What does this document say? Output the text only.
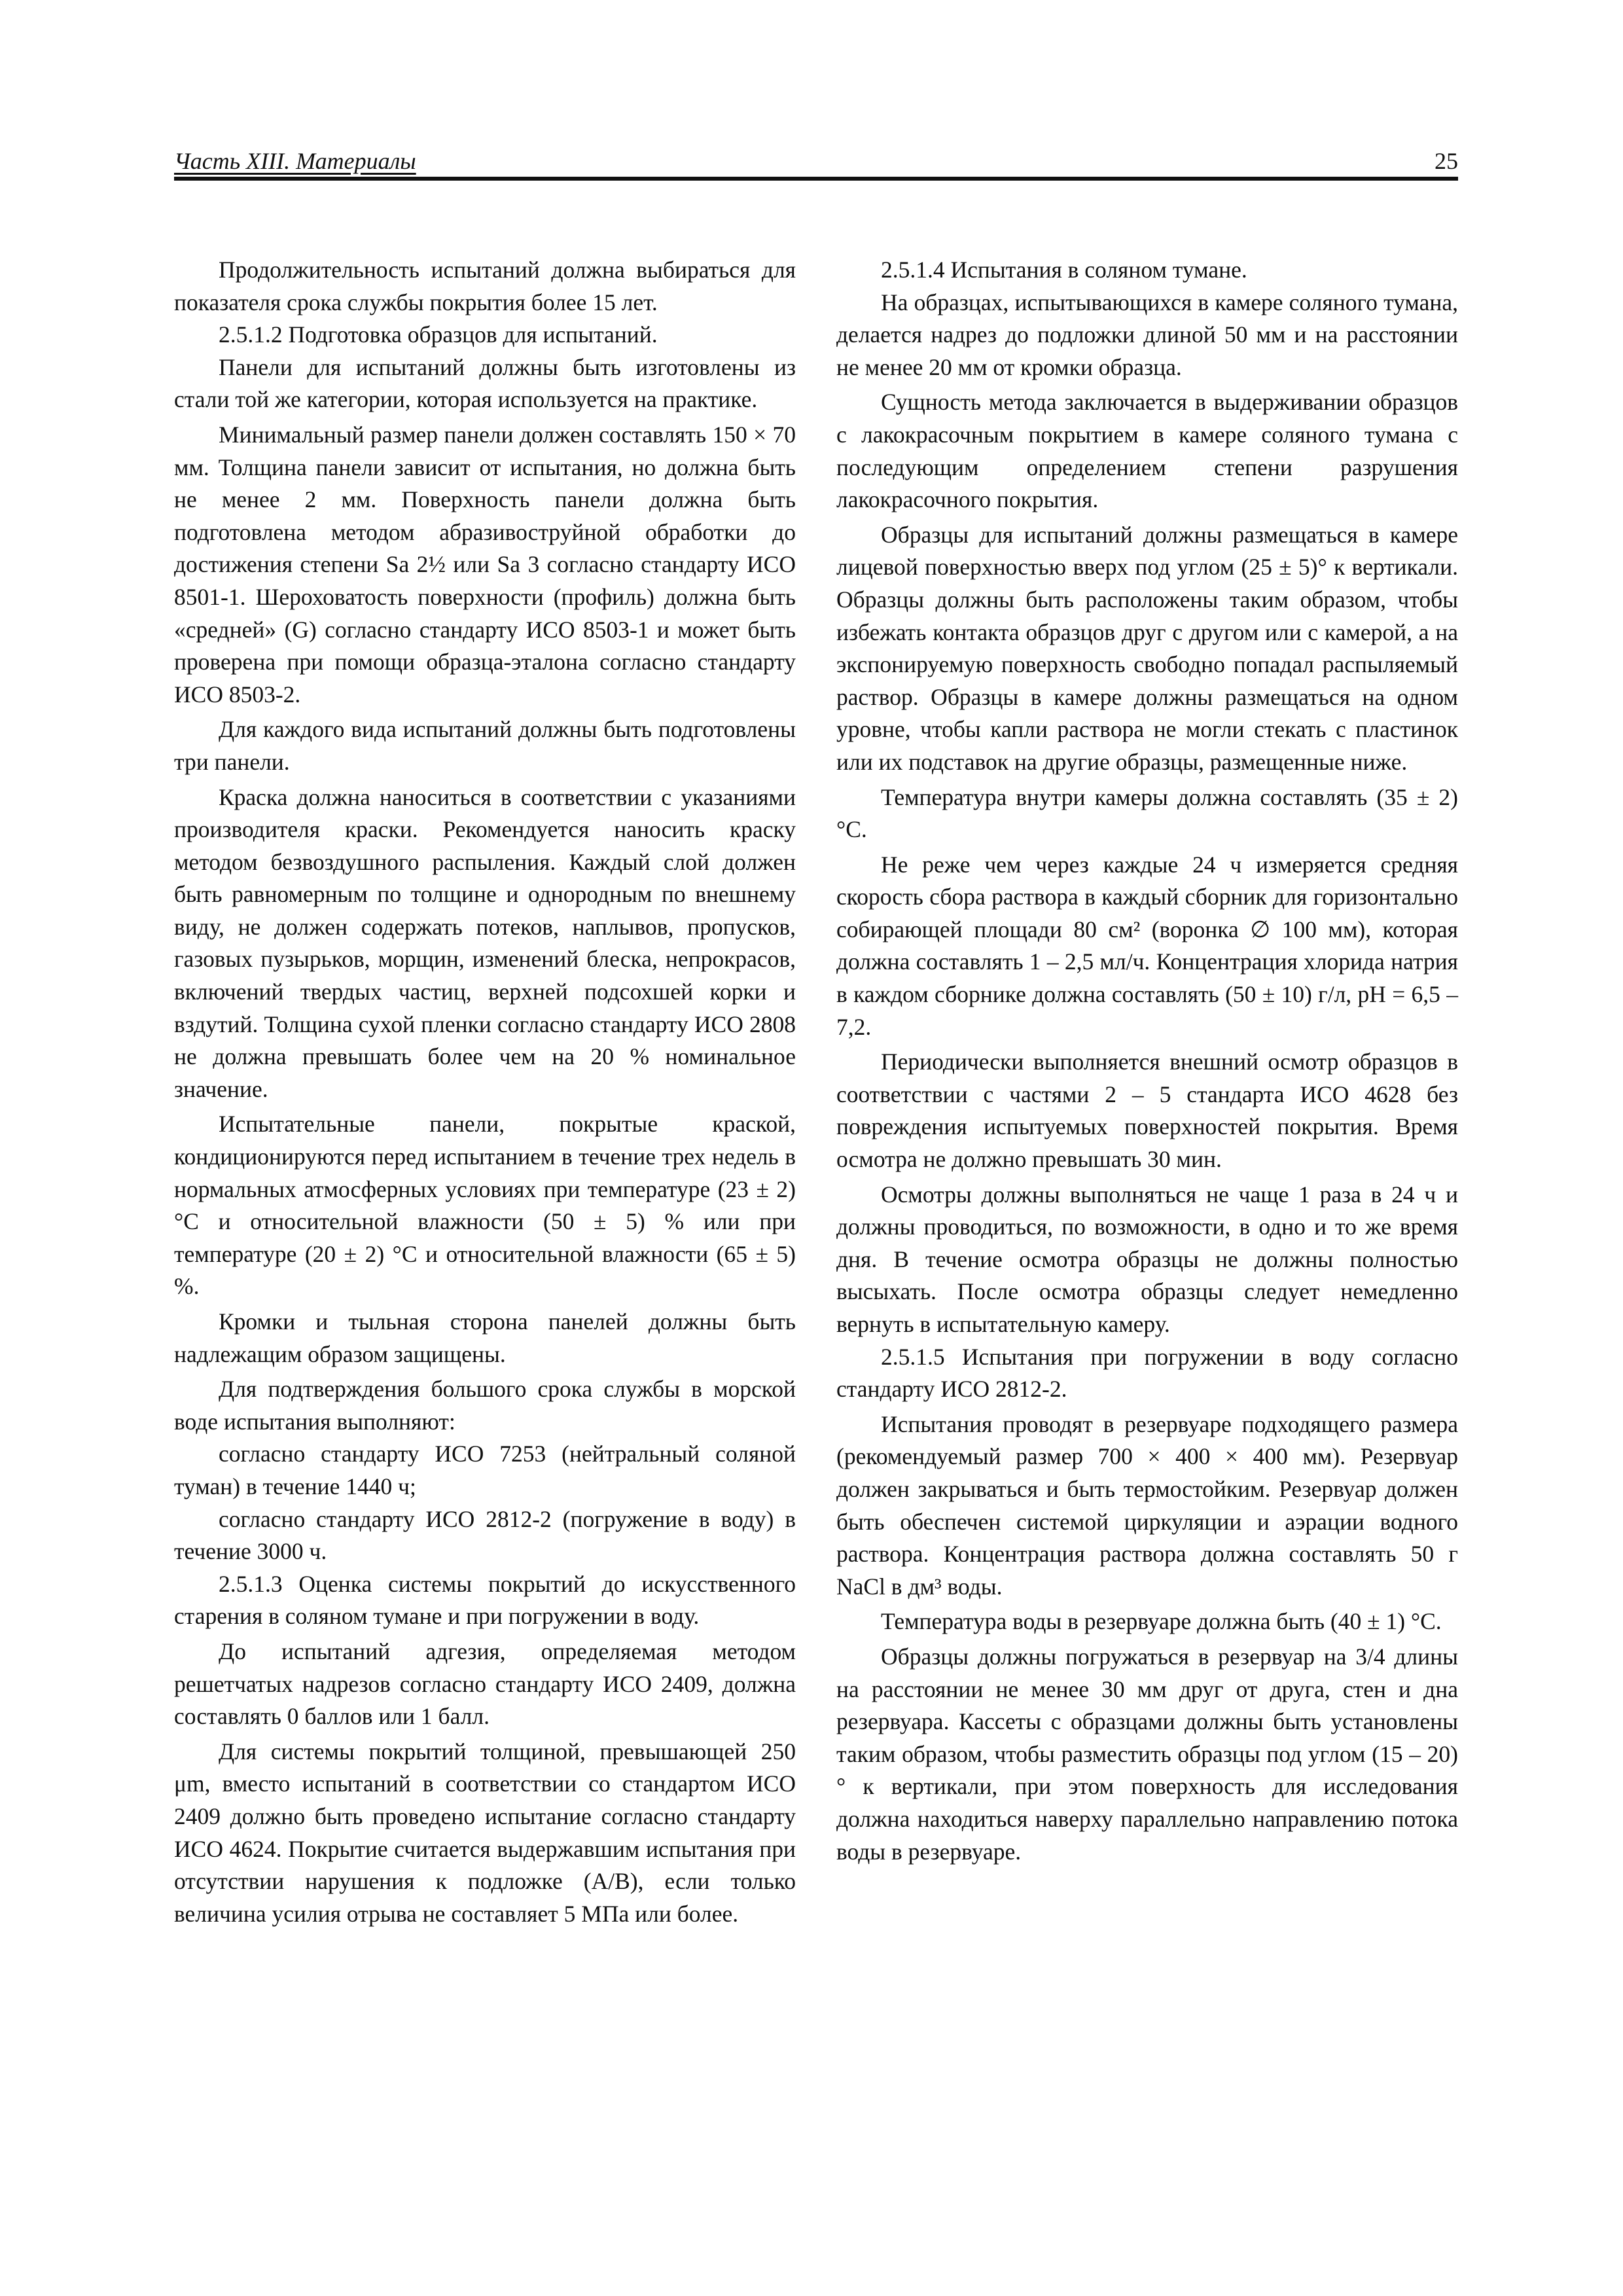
Часть XIII. Материалы	25

Продолжительность испытаний должна выбираться для показателя срока службы покрытия более 15 лет.

2.5.1.2 Подготовка образцов для испытаний.

Панели для испытаний должны быть изготовлены из стали той же категории, которая используется на практике.

Минимальный размер панели должен составлять 150 × 70 мм. Толщина панели зависит от испытания, но должна быть не менее 2 мм. Поверхность панели должна быть подготовлена методом абразивоструйной обработки до достижения степени Sa 2½ или Sa 3 согласно стандарту ИСО 8501-1. Шероховатость поверхности (профиль) должна быть «средней» (G) согласно стандарту ИСО 8503-1 и может быть проверена при помощи образца-эталона согласно стандарту ИСО 8503-2.

Для каждого вида испытаний должны быть подготовлены три панели.

Краска должна наноситься в соответствии с указаниями производителя краски. Рекомендуется наносить краску методом безвоздушного распыления. Каждый слой должен быть равномерным по толщине и однородным по внешнему виду, не должен содержать потеков, наплывов, пропусков, газовых пузырьков, морщин, изменений блеска, непрокрасов, включений твердых частиц, верхней подсохшей корки и вздутий. Толщина сухой пленки согласно стандарту ИСО 2808 не должна превышать более чем на 20 % номинальное значение.

Испытательные панели, покрытые краской, кондиционируются перед испытанием в течение трех недель в нормальных атмосферных условиях при температуре (23 ± 2) °С и относительной влажности (50 ± 5) % или при температуре (20 ± 2) °С и относительной влажности (65 ± 5) %.

Кромки и тыльная сторона панелей должны быть надлежащим образом защищены.

Для подтверждения большого срока службы в морской воде испытания выполняют:

согласно стандарту ИСО 7253 (нейтральный соляной туман) в течение 1440 ч;

согласно стандарту ИСО 2812-2 (погружение в воду) в течение 3000 ч.

2.5.1.3 Оценка системы покрытий до искусственного старения в соляном тумане и при погружении в воду.

До испытаний адгезия, определяемая методом решетчатых надрезов согласно стандарту ИСО 2409, должна составлять 0 баллов или 1 балл.

Для системы покрытий толщиной, превышающей 250 μm, вместо испытаний в соответствии со стандартом ИСО 2409 должно быть проведено испытание согласно стандарту ИСО 4624. Покрытие считается выдержавшим испытания при отсутствии нарушения к подложке (A/B), если только величина усилия отрыва не составляет 5 МПа или более.

2.5.1.4 Испытания в соляном тумане.

На образцах, испытывающихся в камере соляного тумана, делается надрез до подложки длиной 50 мм и на расстоянии не менее 20 мм от кромки образца.

Сущность метода заключается в выдерживании образцов с лакокрасочным покрытием в камере соляного тумана с последующим определением степени разрушения лакокрасочного покрытия.

Образцы для испытаний должны размещаться в камере лицевой поверхностью вверх под углом (25 ± 5)° к вертикали. Образцы должны быть расположены таким образом, чтобы избежать контакта образцов друг с другом или с камерой, а на экспонируемую поверхность свободно попадал распыляемый раствор. Образцы в камере должны размещаться на одном уровне, чтобы капли раствора не могли стекать с пластинок или их подставок на другие образцы, размещенные ниже.

Температура внутри камеры должна составлять (35 ± 2) °С.

Не реже чем через каждые 24 ч измеряется средняя скорость сбора раствора в каждый сборник для горизонтально собирающей площади 80 см² (воронка ∅ 100 мм), которая должна составлять 1 – 2,5 мл/ч. Концентрация хлорида натрия в каждом сборнике должна составлять (50 ± 10) г/л, pH = 6,5 – 7,2.

Периодически выполняется внешний осмотр образцов в соответствии с частями 2 – 5 стандарта ИСО 4628 без повреждения испытуемых поверхностей покрытия. Время осмотра не должно превышать 30 мин.

Осмотры должны выполняться не чаще 1 раза в 24 ч и должны проводиться, по возможности, в одно и то же время дня. В течение осмотра образцы не должны полностью высыхать. После осмотра образцы следует немедленно вернуть в испытательную камеру.

2.5.1.5 Испытания при погружении в воду согласно стандарту ИСО 2812-2.

Испытания проводят в резервуаре подходящего размера (рекомендуемый размер 700 × 400 × 400 мм). Резервуар должен закрываться и быть термостойким. Резервуар должен быть обеспечен системой циркуляции и аэрации водного раствора. Концентрация раствора должна составлять 50 г NaCl в дм³ воды.

Температура воды в резервуаре должна быть (40 ± 1) °С.

Образцы должны погружаться в резервуар на 3/4 длины на расстоянии не менее 30 мм друг от друга, стен и дна резервуара. Кассеты с образцами должны быть установлены таким образом, чтобы разместить образцы под углом (15 – 20)° к вертикали, при этом поверхность для исследования должна находиться наверху параллельно направлению потока воды в резервуаре.
